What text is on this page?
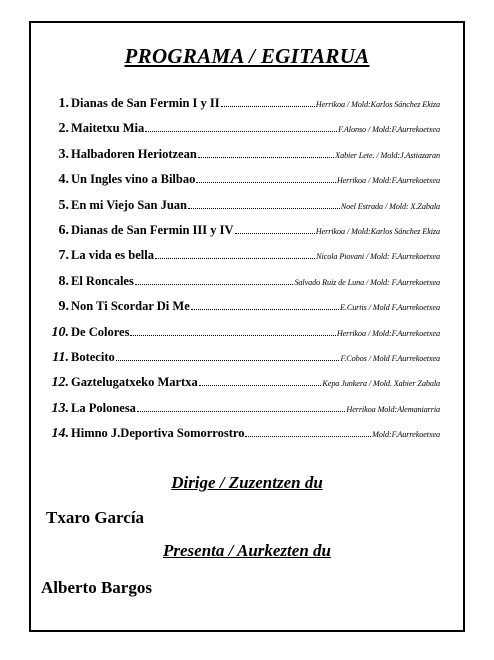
PROGRAMA / EGITARUA
1. Dianas de San Fermin I y II	Herrikoa / Mold:Karlos Sánchez Ekiza
2. Maitetxu Mia	F.Alonso / Mold:F.Aurrekoetxea
3. Halbadoren Heriotzean	Xabier Lete. / Mold:J.Astiazaran
4. Un Ingles vino a Bilbao	Herrikoa / Mold:F.Aurrekoetxea
5. En mi Viejo San Juan	Noel Estrada / Mold: X.Zabala
6. Dianas de San Fermin III y IV	Herrikoa / Mold:Karlos Sánchez Ekiza
7. La vida es bella	Nicola Piovani / Mold: F.Aurrekoetxea
8. El Roncales	Salvado Ruiz de Luna / Mold: F.Aurrekoetxea
9. Non Ti Scordar Di Me	E.Curtis / Mold F.Aurrekoetxea
10. De Colores	Herrikoa / Mold:F.Aurrekoetxea
11. Botecito	F.Cobos / Mold F.Aurrekoetxea
12. Gaztelugatxeko Martxa	Kepa Junkera / Mold. Xabier Zabala
13. La Polonesa	Herrikoa Mold:Alemaniarria
14. Himno J.Deportiva Somorrostro	Mold:F.Aurrekoetxea
Dirige / Zuzentzen du
Txaro García
Presenta / Aurkezten du
Alberto Bargos
